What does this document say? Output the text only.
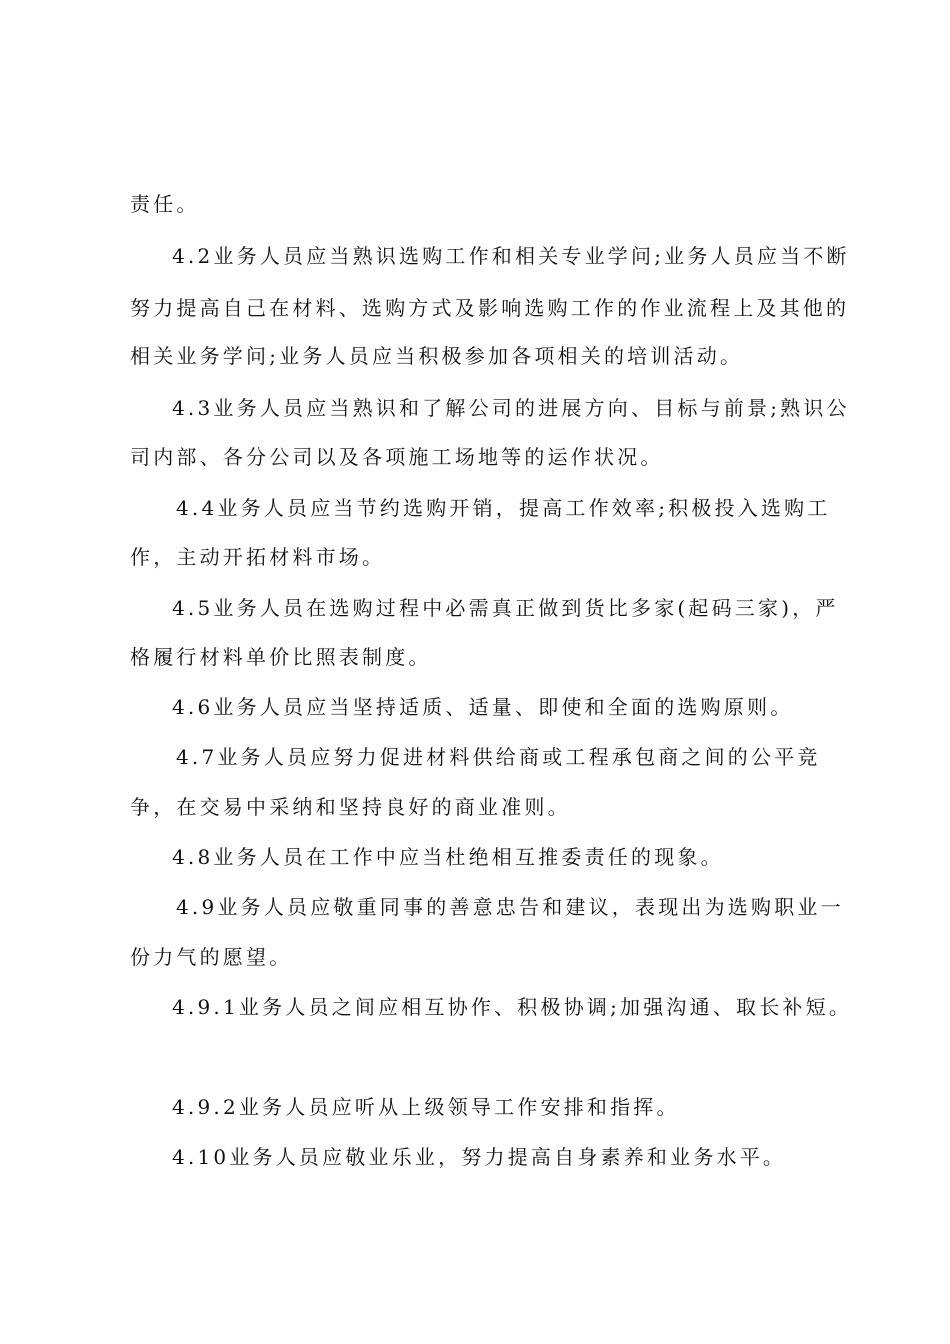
责任。
4.2业务人员应当熟识选购工作和相关专业学问;业务人员应当不断
努力提高自己在材料、选购方式及影响选购工作的作业流程上及其他的
相关业务学问;业务人员应当积极参加各项相关的培训活动。
4.3业务人员应当熟识和了解公司的进展方向、目标与前景;熟识公
司内部、各分公司以及各项施工场地等的运作状况。
4.4业务人员应当节约选购开销，提高工作效率;积极投入选购工
作，主动开拓材料市场。
4.5业务人员在选购过程中必需真正做到货比多家(起码三家)，严
格履行材料单价比照表制度。
4.6业务人员应当坚持适质、适量、即使和全面的选购原则。
4.7业务人员应努力促进材料供给商或工程承包商之间的公平竞
争，在交易中采纳和坚持良好的商业准则。
4.8业务人员在工作中应当杜绝相互推委责任的现象。
4.9业务人员应敬重同事的善意忠告和建议，表现出为选购职业一
份力气的愿望。
4.9.1业务人员之间应相互协作、积极协调;加强沟通、取长补短。
4.9.2业务人员应听从上级领导工作安排和指挥。
4.10业务人员应敬业乐业，努力提高自身素养和业务水平。
